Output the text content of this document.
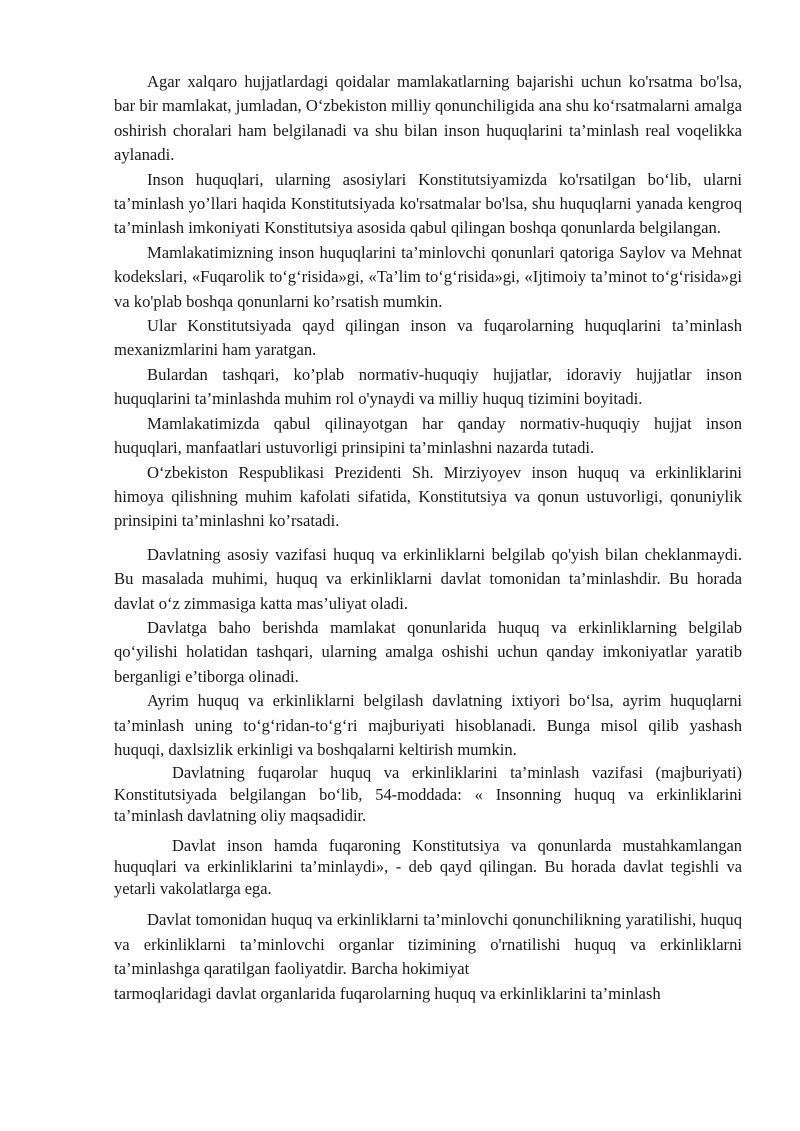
Agar xalqaro hujjatlardagi qoidalar mamlakatlarning bajarishi uchun ko'rsatma bo'lsa, bar bir mamlakat, jumladan, O‘zbekiston milliy qonunchiligida ana shu ko‘rsatmalarni amalga oshirish choralari ham belgilanadi va shu bilan inson huquqlarini ta’minlash real voqelikka aylanadi.

Inson huquqlari, ularning asosiylari Konstitutsiyamizda ko'rsatilgan bo‘lib, ularni ta’minlash yo’llari haqida Konstitutsiyada ko'rsatmalar bo'lsa, shu huquqlarni yanada kengroq ta’minlash imkoniyati Konstitutsiya asosida qabul qilingan boshqa qonunlarda belgilangan.

Mamlakatimizning inson huquqlarini ta’minlovchi qonunlari qatoriga Saylov va Mehnat kodekslari, «Fuqarolik to‘g‘risida»gi, «Ta’lim to‘g‘risida»gi, «Ijtimoiy ta’minot to‘g‘risida»gi va ko'plab boshqa qonunlarni ko’rsatish mumkin.

Ular Konstitutsiyada qayd qilingan inson va fuqarolarning huquqlarini ta’minlash mexanizmlarini ham yaratgan.

Bulardan tashqari, ko’plab normativ-huquqiy hujjatlar, idoraviy hujjatlar inson huquqlarini ta’minlashda muhim rol o'ynaydi va milliy huquq tizimini boyitadi.

Mamlakatimizda qabul qilinayotgan har qanday normativ-huquqiy hujjat inson huquqlari, manfaatlari ustuvorligi prinsipini ta’minlashni nazarda tutadi.

O‘zbekiston Respublikasi Prezidenti Sh. Mirziyoyev inson huquq va erkinliklarini himoya qilishning muhim kafolati sifatida, Konstitutsiya va qonun ustuvorligi, qonuniylik prinsipini ta’minlashni ko’rsatadi.

Davlatning asosiy vazifasi huquq va erkinliklarni belgilab qo'yish bilan cheklanmaydi. Bu masalada muhimi, huquq va erkinliklarni davlat tomonidan ta’minlashdir. Bu horada davlat o‘z zimmasiga katta mas’uliyat oladi.

Davlatga baho berishda mamlakat qonunlarida huquq va erkinliklarning belgilab qo‘yilishi holatidan tashqari, ularning amalga oshishi uchun qanday imkoniyatlar yaratib berganligi e’tiborga olinadi.

Ayrim huquq va erkinliklarni belgilash davlatning ixtiyori bo‘lsa, ayrim huquqlarni ta’minlash uning to‘g‘ridan-to‘g‘ri majburiyati hisoblanadi. Bunga misol qilib yashash huquqi, daxlsizlik erkinligi va boshqalarni keltirish mumkin.

Davlatning fuqarolar huquq va erkinliklarini ta’minlash vazifasi (majburiyati) Konstitutsiyada belgilangan bo‘lib, 54-moddada: « Insonning huquq va erkinliklarini ta’minlash davlatning oliy maqsadidir.

Davlat inson hamda fuqaroning Konstitutsiya va qonunlarda mustahkamlangan huquqlari va erkinliklarini ta’minlaydi», - deb qayd qilingan. Bu horada davlat tegishli va yetarli vakolatlarga ega.

Davlat tomonidan huquq va erkinliklarni ta’minlovchi qonunchilikning yaratilishi, huquq va erkinliklarni ta’minlovchi organlar tizimining o'rnatilishi huquq va erkinliklarni ta’minlashga qaratilgan faoliyatdir. Barcha hokimiyat

tarmoqlaridagi davlat organlarida fuqarolarning huquq va erkinliklarini ta’minlash
